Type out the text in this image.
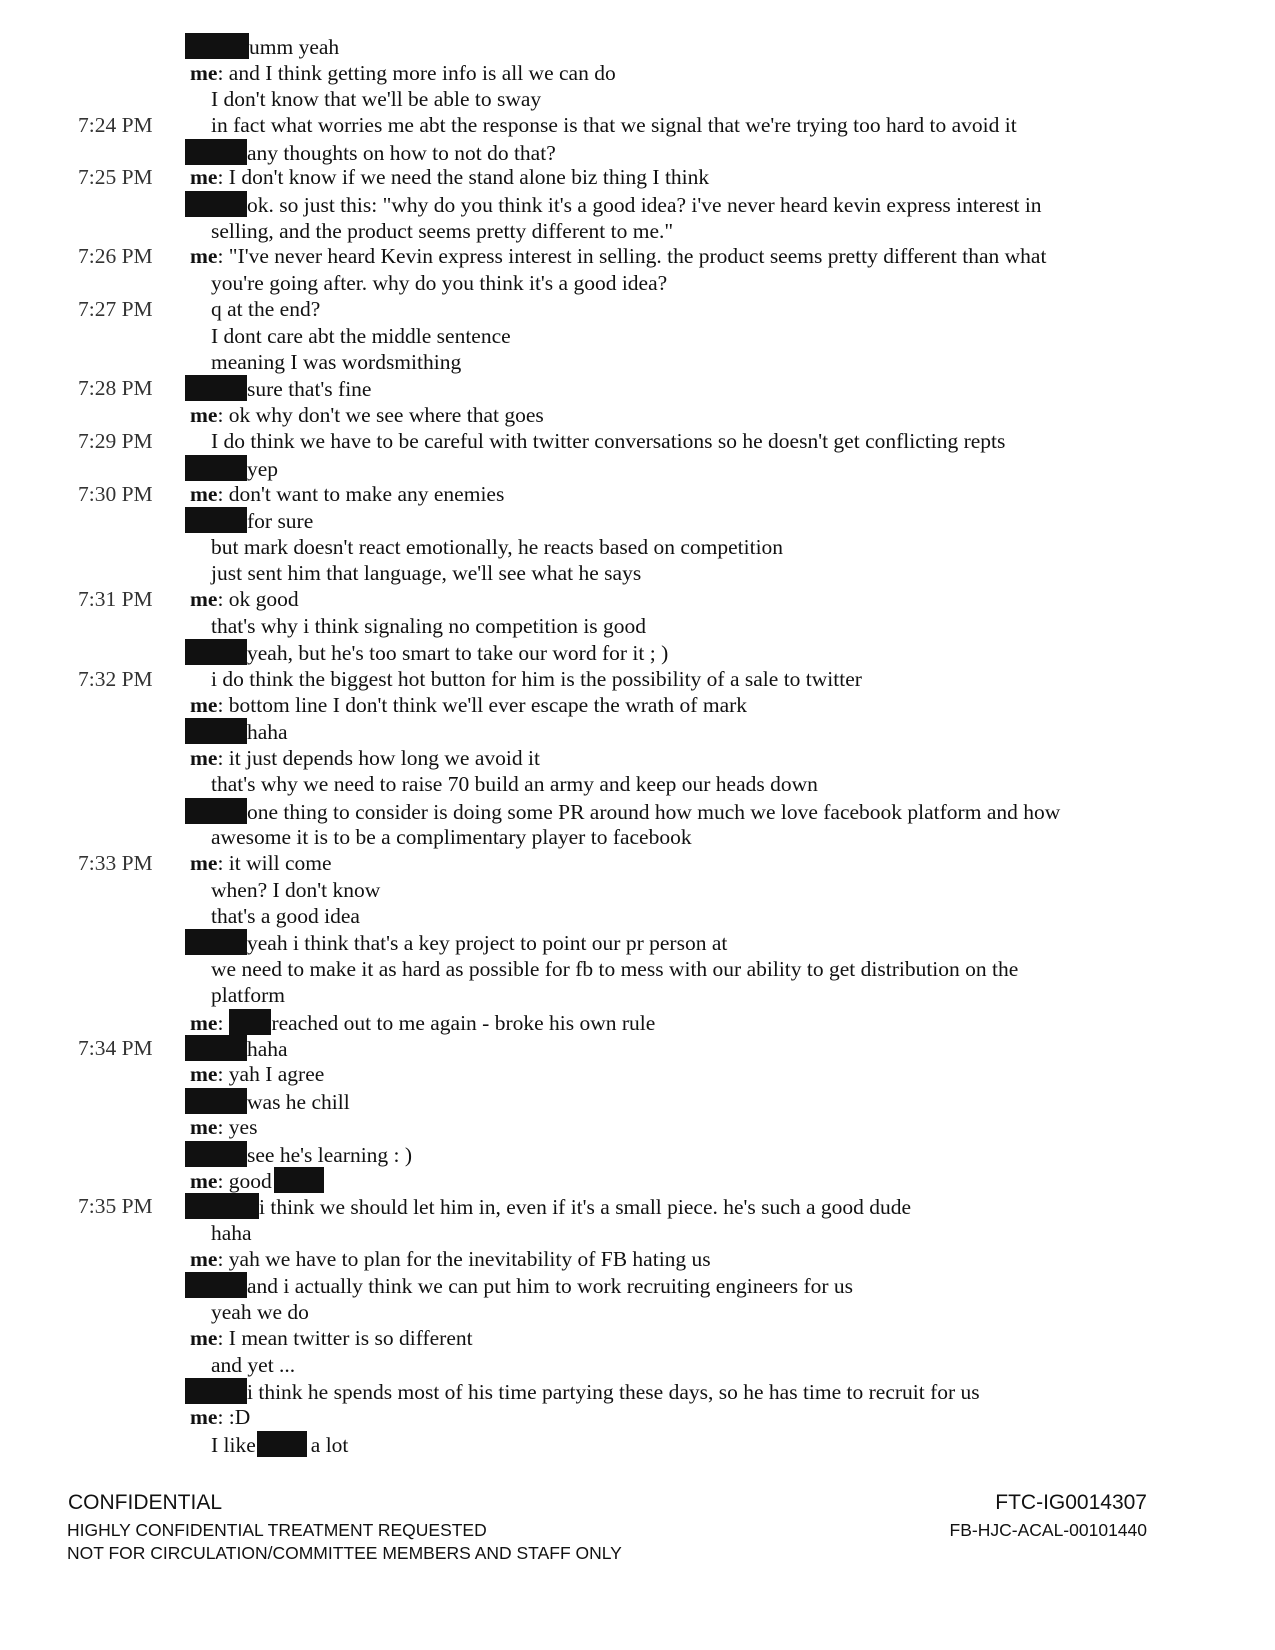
7:24 PM
7:25 PM
7:26 PM
7:27 PM
7:28 PM
7:29 PM
7:30 PM
7:31 PM
7:32 PM
7:33 PM
7:34 PM
7:35 PM
umm yeah
me: and I think getting more info is all we can do
I don't know that we'll be able to sway
in fact what worries me abt the response is that we signal that we're trying too hard to avoid it
any thoughts on how to not do that?
me: I don't know if we need the stand alone biz thing I think
ok. so just this: "why do you think it's a good idea? i've never heard kevin express interest in
selling, and the product seems pretty different to me."
me: "I've never heard Kevin express interest in selling. the product seems pretty different than what
you're going after. why do you think it's a good idea?
q at the end?
I dont care abt the middle sentence
meaning I was wordsmithing
sure that's fine
me: ok why don't we see where that goes
I do think we have to be careful with twitter conversations so he doesn't get conflicting repts
yep
me: don't want to make any enemies
for sure
but mark doesn't react emotionally, he reacts based on competition
just sent him that language, we'll see what he says
me: ok good
that's why i think signaling no competition is good
yeah, but he's too smart to take our word for it ; )
i do think the biggest hot button for him is the possibility of a sale to twitter
me: bottom line I don't think we'll ever escape the wrath of mark
haha
me: it just depends how long we avoid it
that's why we need to raise 70 build an army and keep our heads down
one thing to consider is doing some PR around how much we love facebook platform and how
awesome it is to be a complimentary player to facebook
me: it will come
when? I don't know
that's a good idea
yeah i think that's a key project to point our pr person at
we need to make it as hard as possible for fb to mess with our ability to get distribution on the
platform
me: reached out to me again - broke his own rule
haha
me: yah I agree
was he chill
me: yes
see he's learning : )
me: good
i think we should let him in, even if it's a small piece. he's such a good dude
haha
me: yah we have to plan for the inevitability of FB hating us
and i actually think we can put him to work recruiting engineers for us
yeah we do
me: I mean twitter is so different
and yet ...
i think he spends most of his time partying these days, so he has time to recruit for us
me: :D
I like	a lot
CONFIDENTIAL
HIGHLY CONFIDENTIAL TREATMENT REQUESTED
NOT FOR CIRCULATION/COMMITTEE MEMBERS AND STAFF ONLY
FTC-IG0014307
FB-HJC-ACAL-00101440
